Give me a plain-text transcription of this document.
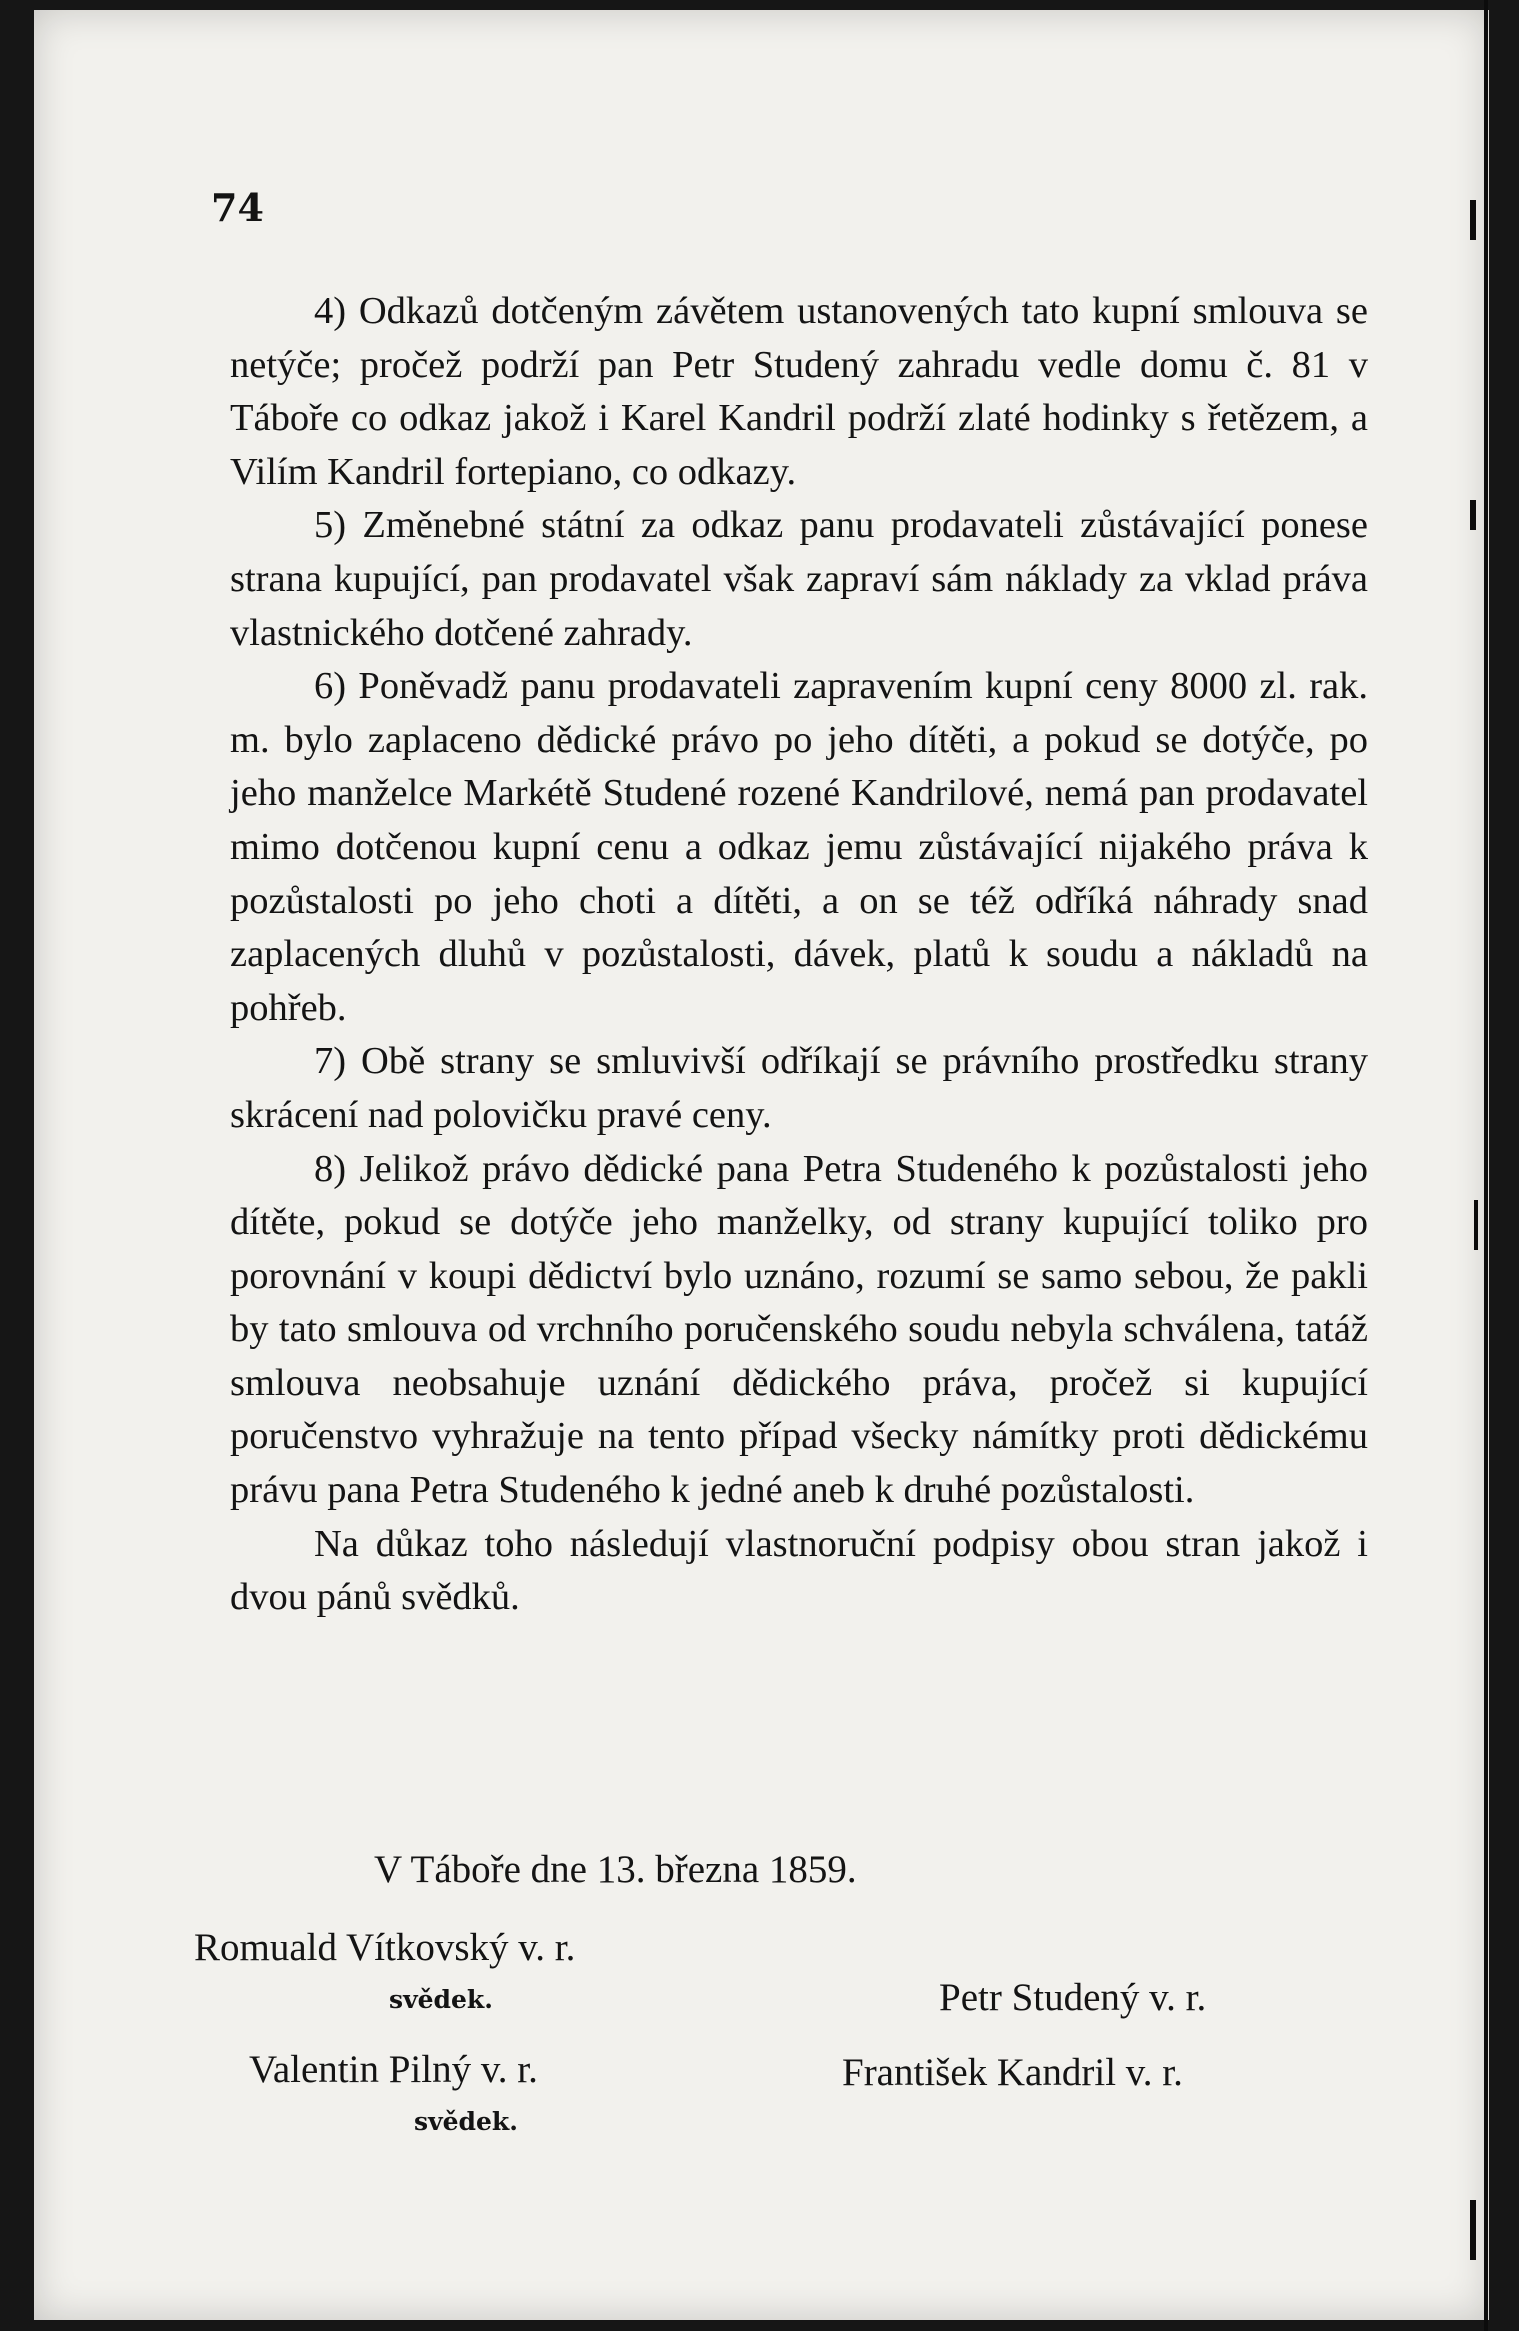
74

4) Odkazů dotčeným závětem ustanovených tato kupní smlouva se netýče; pročež podrží pan Petr Studený zahradu vedle domu č. 81 v Táboře co odkaz jakož i Karel Kandril podrží zlaté hodinky s řetězem, a Vilím Kandril fortepiano, co odkazy.

5) Změnebné státní za odkaz panu prodavateli zůstávající ponese strana kupující, pan prodavatel však zapraví sám náklady za vklad práva vlastnického dotčené zahrady.

6) Poněvadž panu prodavateli zapravením kupní ceny 8000 zl. rak. m. bylo zaplaceno dědické právo po jeho dítěti, a pokud se dotýče, po jeho manželce Markétě Studené rozené Kandrilové, nemá pan prodavatel mimo dotčenou kupní cenu a odkaz jemu zůstávající nijakého práva k pozůstalosti po jeho choti a dítěti, a on se též odříká náhrady snad zaplacených dluhů v pozůstalosti, dávek, platů k soudu a nákladů na pohřeb.

7) Obě strany se smluvivší odříkají se právního prostředku strany skrácení nad polovičku pravé ceny.

8) Jelikož právo dědické pana Petra Studeného k pozůstalosti jeho dítěte, pokud se dotýče jeho manželky, od strany kupující toliko pro porovnání v koupi dědictví bylo uznáno, rozumí se samo sebou, že pakli by tato smlouva od vrchního poručenského soudu nebyla schválena, tatáž smlouva neobsahuje uznání dědického práva, pročež si kupující poručenstvo vyhražuje na tento případ všecky námítky proti dědickému právu pana Petra Studeného k jedné aneb k druhé pozůstalosti.

Na důkaz toho následují vlastnoruční podpisy obou stran jakož i dvou pánů svědků.

V Táboře dne 13. března 1859.
Romuald Vítkovský v. r.
svědek.	Petr Studený v. r.
Valentin Pilný v. r.
svědek.
František Kandril v. r.
